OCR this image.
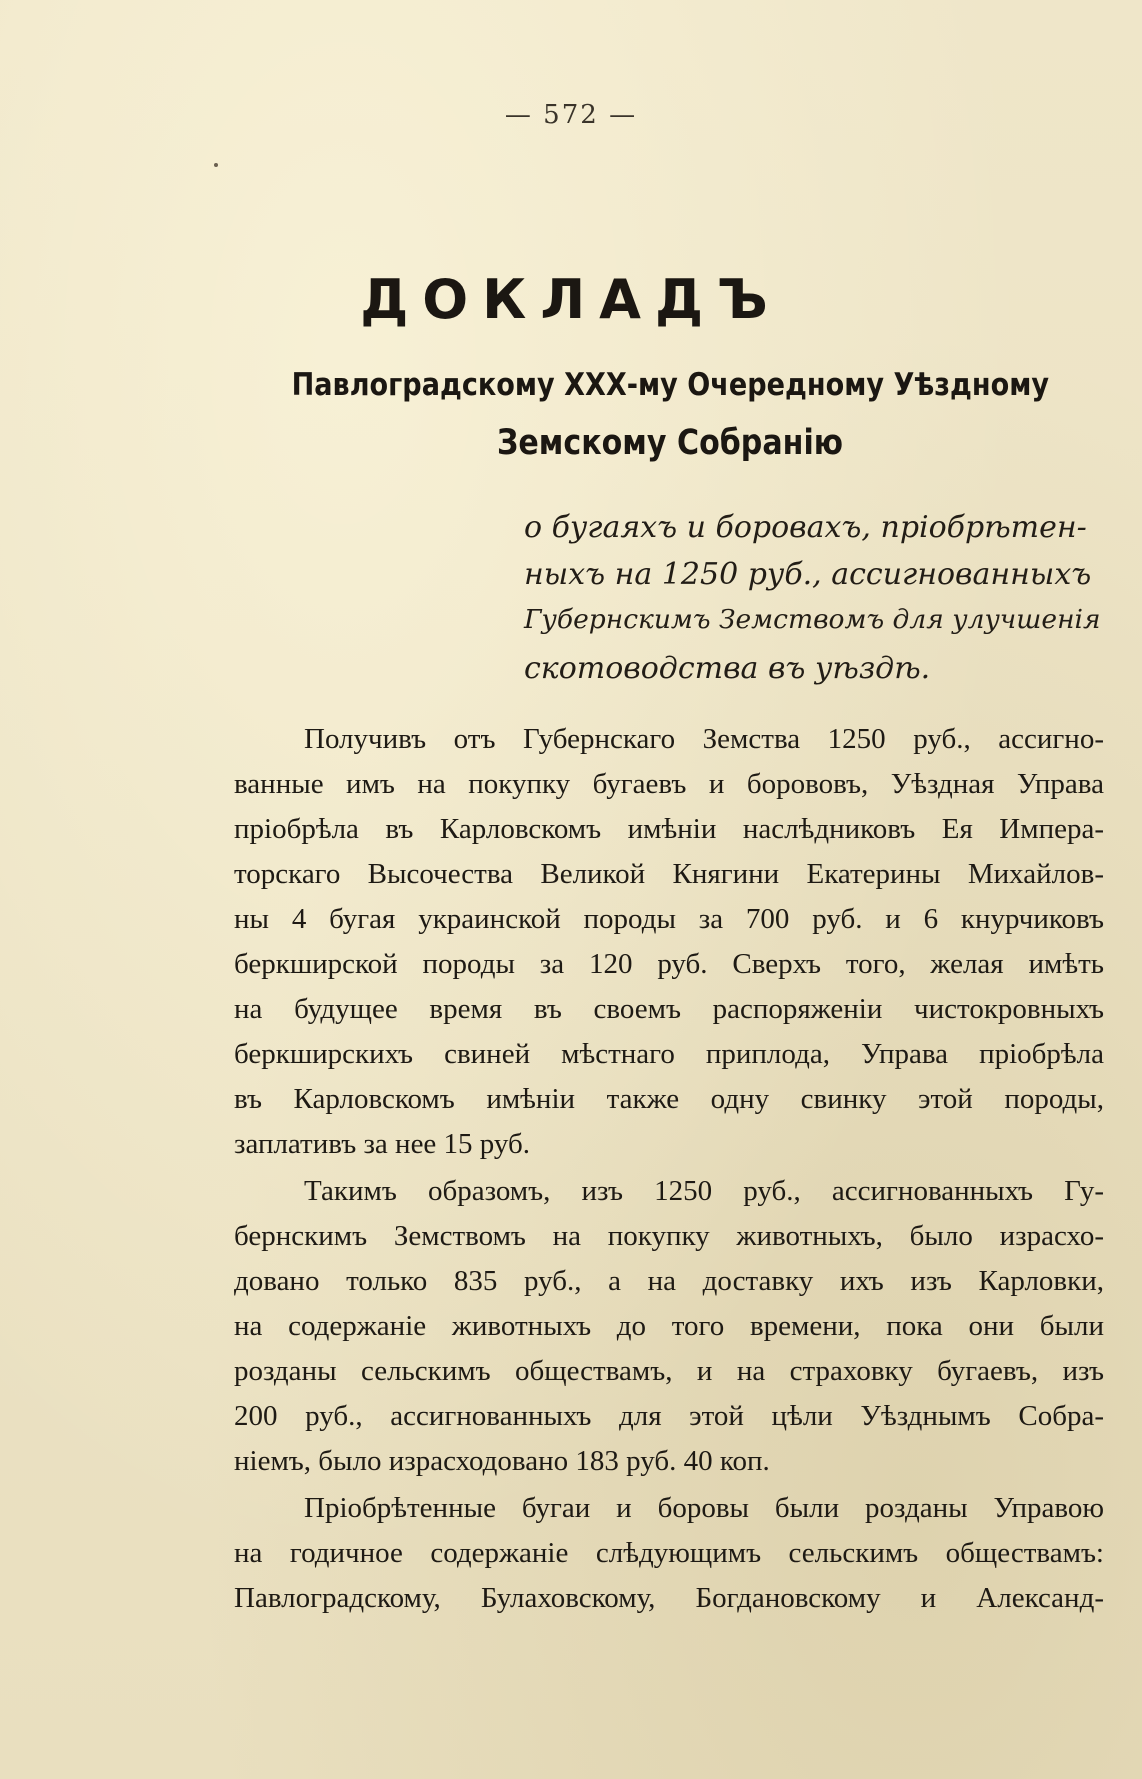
— 572 —
ДОКЛАДЪ
Павлоградскому ХХХ-му Очередному Уѣздному
Земскому Собранію
о бугаяхъ и боровахъ, пріобрѣтен-
ныхъ на 1250 руб., ассигнованныхъ
Губернскимъ Земствомъ для улучшенія
скотоводства въ уѣздѣ.
Получивъ отъ Губернскаго Земства 1250 руб., ассигно-
ванные имъ на покупку бугаевъ и борововъ, Уѣздная Управа
пріобрѣла въ Карловскомъ имѣніи наслѣдниковъ Ея Импера-
торскаго Высочества Великой Княгини Екатерины Михайлов-
ны 4 бугая украинской породы за 700 руб. и 6 кнурчиковъ
беркширской породы за 120 руб. Сверхъ того, желая имѣть
на будущее время въ своемъ распоряженіи чистокровныхъ
беркширскихъ свиней мѣстнаго приплода, Управа пріобрѣла
въ Карловскомъ имѣніи также одну свинку этой породы,
заплативъ за нее 15 руб.
Такимъ образомъ, изъ 1250 руб., ассигнованныхъ Гу-
бернскимъ Земствомъ на покупку животныхъ, было израсхо-
довано только 835 руб., а на доставку ихъ изъ Карловки,
на содержаніе животныхъ до того времени, пока они были
розданы сельскимъ обществамъ, и на страховку бугаевъ, изъ
200 руб., ассигнованныхъ для этой цѣли Уѣзднымъ Собра-
ніемъ, было израсходовано 183 руб. 40 коп.
Пріобрѣтенные бугаи и боровы были розданы Управою
на годичное содержаніе слѣдующимъ сельскимъ обществамъ:
Павлоградскому, Булаховскому, Богдановскому и Александ-
